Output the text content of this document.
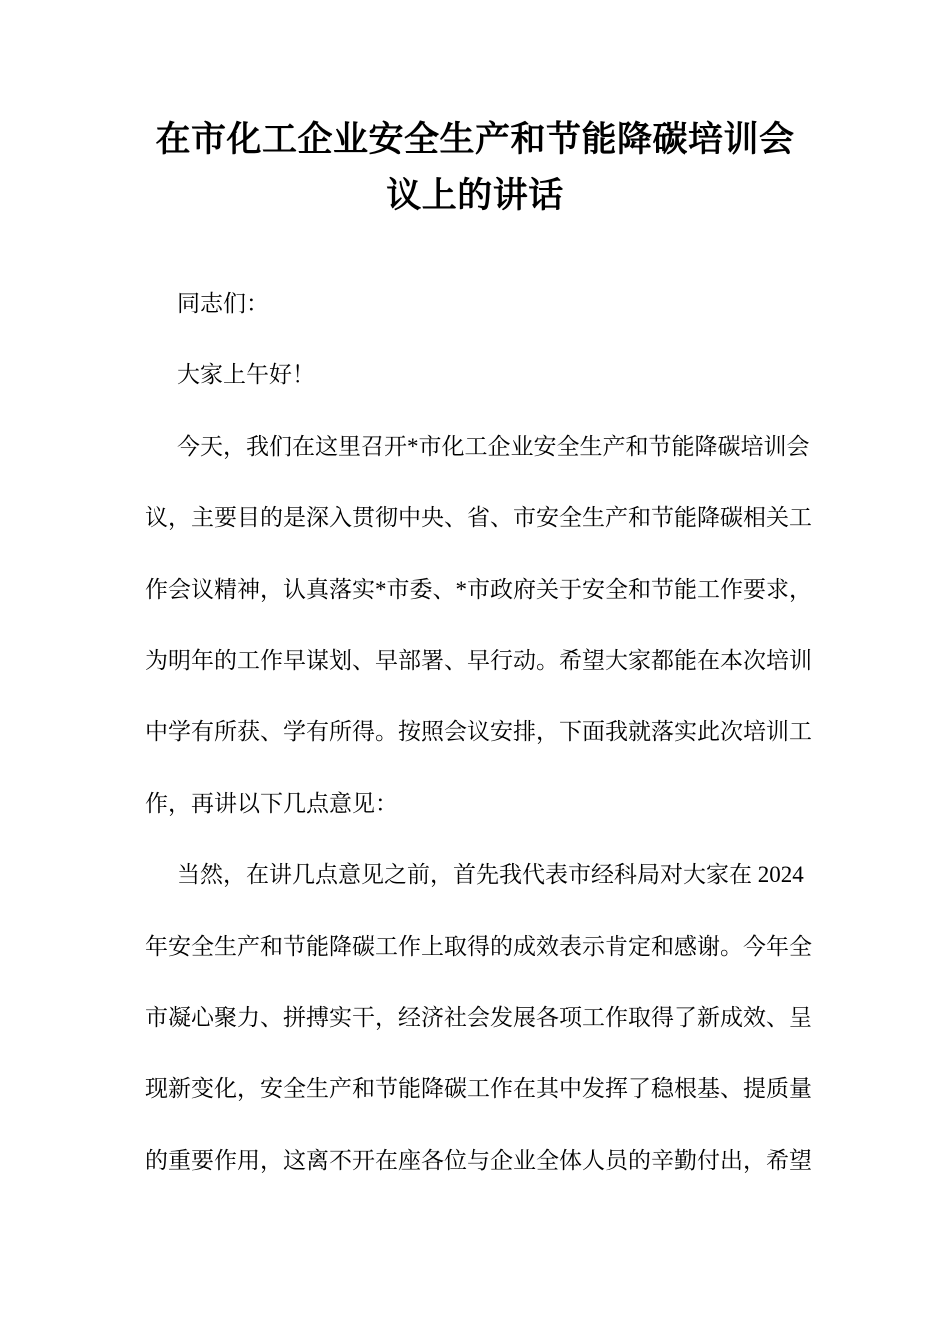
在市化工企业安全生产和节能降碳培训会
议上的讲话
同志们：
大家上午好！
今天，我们在这里召开*市化工企业安全生产和节能降碳培训会
议，主要目的是深入贯彻中央、省、市安全生产和节能降碳相关工
作会议精神，认真落实*市委、*市政府关于安全和节能工作要求，
为明年的工作早谋划、早部署、早行动。希望大家都能在本次培训
中学有所获、学有所得。按照会议安排，下面我就落实此次培训工
作，再讲以下几点意见：
当然，在讲几点意见之前，首先我代表市经科局对大家在 2024
年安全生产和节能降碳工作上取得的成效表示肯定和感谢。今年全
市凝心聚力、拼搏实干，经济社会发展各项工作取得了新成效、呈
现新变化，安全生产和节能降碳工作在其中发挥了稳根基、提质量
的重要作用，这离不开在座各位与企业全体人员的辛勤付出，希望
